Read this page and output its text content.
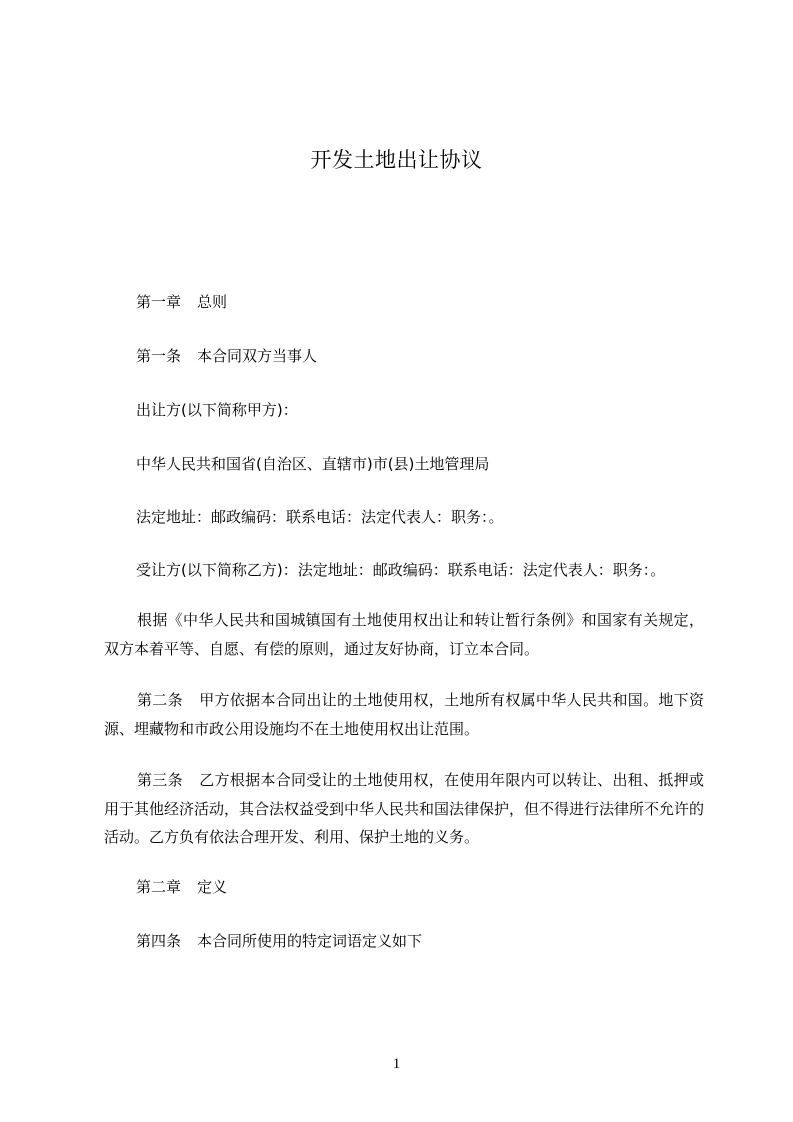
开发土地出让协议
第一章 总则
第一条 本合同双方当事人
出让方(以下简称甲方)：
中华人民共和国省(自治区、直辖市)市(县)土地管理局
法定地址：邮政编码：联系电话：法定代表人：职务：。
受让方(以下简称乙方)：法定地址：邮政编码：联系电话：法定代表人：职务：。
根据《中华人民共和国城镇国有土地使用权出让和转让暂行条例》和国家有关规定，双方本着平等、自愿、有偿的原则，通过友好协商，订立本合同。
第二条 甲方依据本合同出让的土地使用权，土地所有权属中华人民共和国。地下资源、埋藏物和市政公用设施均不在土地使用权出让范围。
第三条 乙方根据本合同受让的土地使用权，在使用年限内可以转让、出租、抵押或用于其他经济活动，其合法权益受到中华人民共和国法律保护，但不得进行法律所不允许的活动。乙方负有依法合理开发、利用、保护土地的义务。
第二章 定义
第四条 本合同所使用的特定词语定义如下
1
